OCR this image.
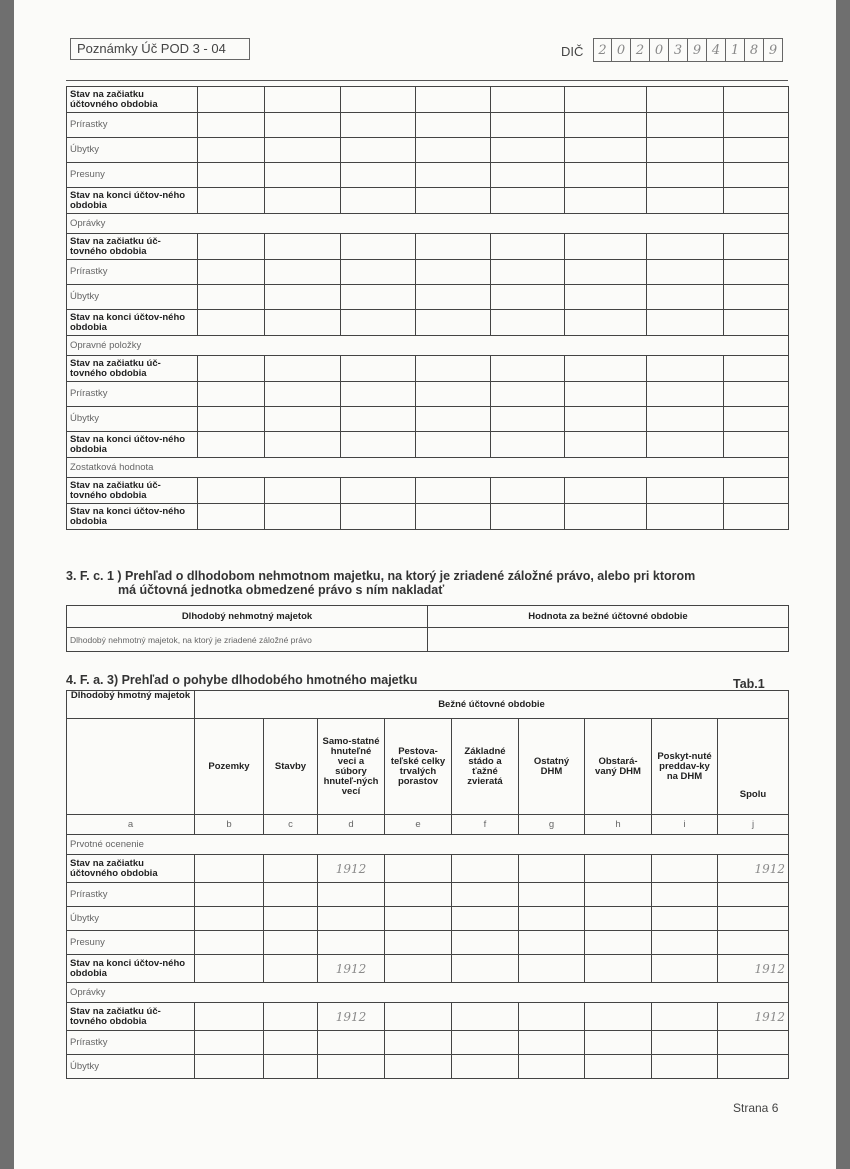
Poznámky Úč POD 3 - 04	DIČ	2 0 2 0 3 9 4 1 8 9
Stav na začiatku účtovného obdobia								
Prírastky								
Úbytky								
Presuny								
Stav na konci účtov-ného obdobia								
Oprávky								
Stav na začiatku úč-tovného obdobia								
Prírastky								
Úbytky								
Stav na konci účtov-ného obdobia								
Opravné položky								
Stav na začiatku úč-tovného obdobia								
Prírastky								
Úbytky								
Stav na konci účtov-ného obdobia								
Zostatková hodnota								
Stav na začiatku úč-tovného obdobia								
Stav na konci účtov-ného obdobia								
3. F. c. 1 ) Prehľad o dlhodobom nehmotnom majetku, na ktorý je zriadené záložné právo, alebo pri ktorom
má účtovná jednotka obmedzené právo s ním nakladať
Dlhodobý nehmotný majetok	Hodnota za bežné účtovné obdobie
Dlhodobý nehmotný majetok, na ktorý je zriadené záložné právo	
4. F. a. 3) Prehľad o pohybe dlhodobého hmotného majetku	Tab.1
Dlhodobý hmotný majetok	Bežné účtovné obdobie								
	Pozemky	Stavby	Samo-statné hnuteľné veci a súbory hnuteľ-ných vecí	Pestova-teľské celky trvalých porastov	Základné stádo a ťažné zvieratá	Ostatný DHM	Obstará-vaný DHM	Poskyt-nuté preddav-ky na DHM	Spolu
a	b	c	d	e	f	g	h	i	j
Prvotné ocenenie									
Stav na začiatku účtovného obdobia			1912						1912
Prírastky									
Úbytky									
Presuny									
Stav na konci účtov-ného obdobia			1912						1912
Oprávky									
Stav na začiatku úč-tovného obdobia			1912						1912
Prírastky									
Úbytky									
Strana 6
